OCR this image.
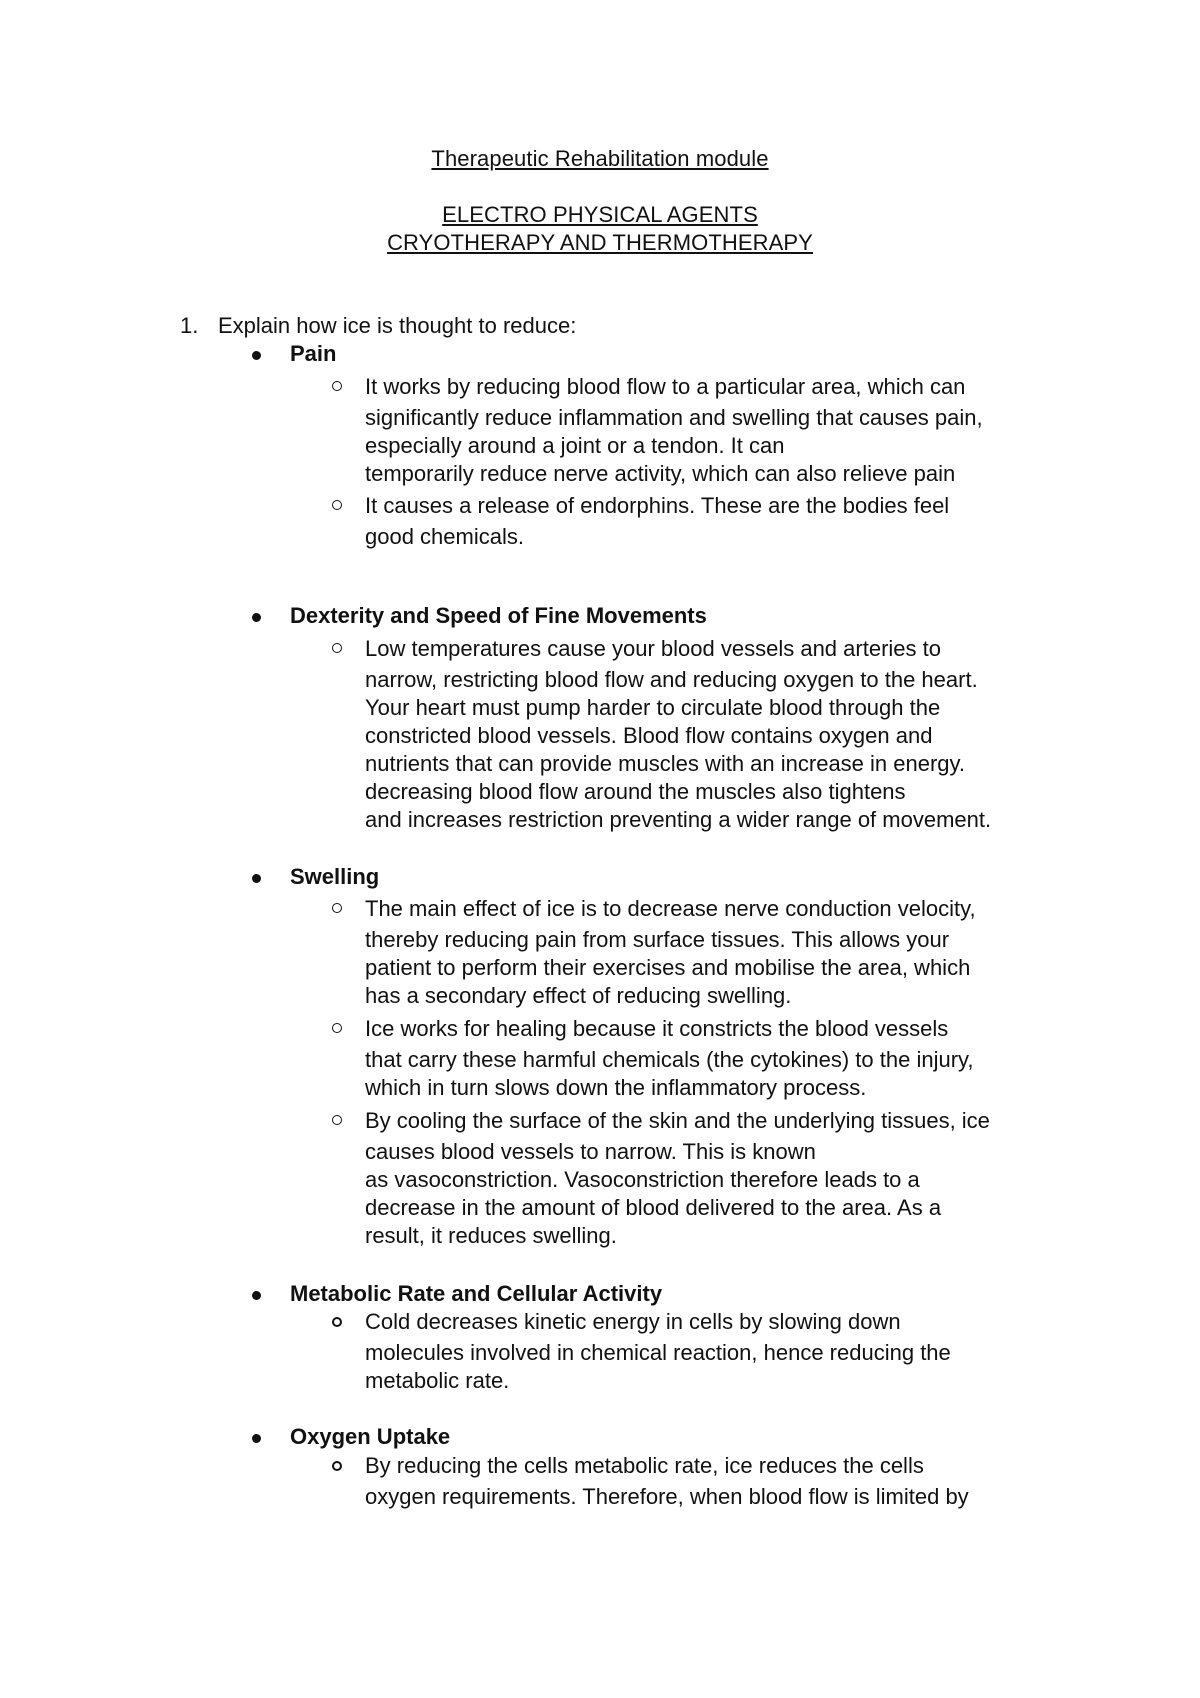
Therapeutic Rehabilitation module
ELECTRO PHYSICAL AGENTS
CRYOTHERAPY AND THERMOTHERAPY
1. Explain how ice is thought to reduce:
Pain
It works by reducing blood flow to a particular area, which can
significantly reduce inflammation and swelling that causes pain,
especially around a joint or a tendon. It can
temporarily reduce nerve activity, which can also relieve pain
It causes a release of endorphins. These are the bodies feel
good chemicals.
Dexterity and Speed of Fine Movements
Low temperatures cause your blood vessels and arteries to
narrow, restricting blood flow and reducing oxygen to the heart.
Your heart must pump harder to circulate blood through the
constricted blood vessels. Blood flow contains oxygen and
nutrients that can provide muscles with an increase in energy.
decreasing blood flow around the muscles also tightens
and increases restriction preventing a wider range of movement.
Swelling
The main effect of ice is to decrease nerve conduction velocity,
thereby reducing pain from surface tissues. This allows your
patient to perform their exercises and mobilise the area, which
has a secondary effect of reducing swelling.
Ice works for healing because it constricts the blood vessels
that carry these harmful chemicals (the cytokines) to the injury,
which in turn slows down the inflammatory process.
By cooling the surface of the skin and the underlying tissues, ice
causes blood vessels to narrow. This is known
as vasoconstriction. Vasoconstriction therefore leads to a
decrease in the amount of blood delivered to the area. As a
result, it reduces swelling.
Metabolic Rate and Cellular Activity
Cold decreases kinetic energy in cells by slowing down
molecules involved in chemical reaction, hence reducing the
metabolic rate.
Oxygen Uptake
By reducing the cells metabolic rate, ice reduces the cells
oxygen requirements. Therefore, when blood flow is limited by
